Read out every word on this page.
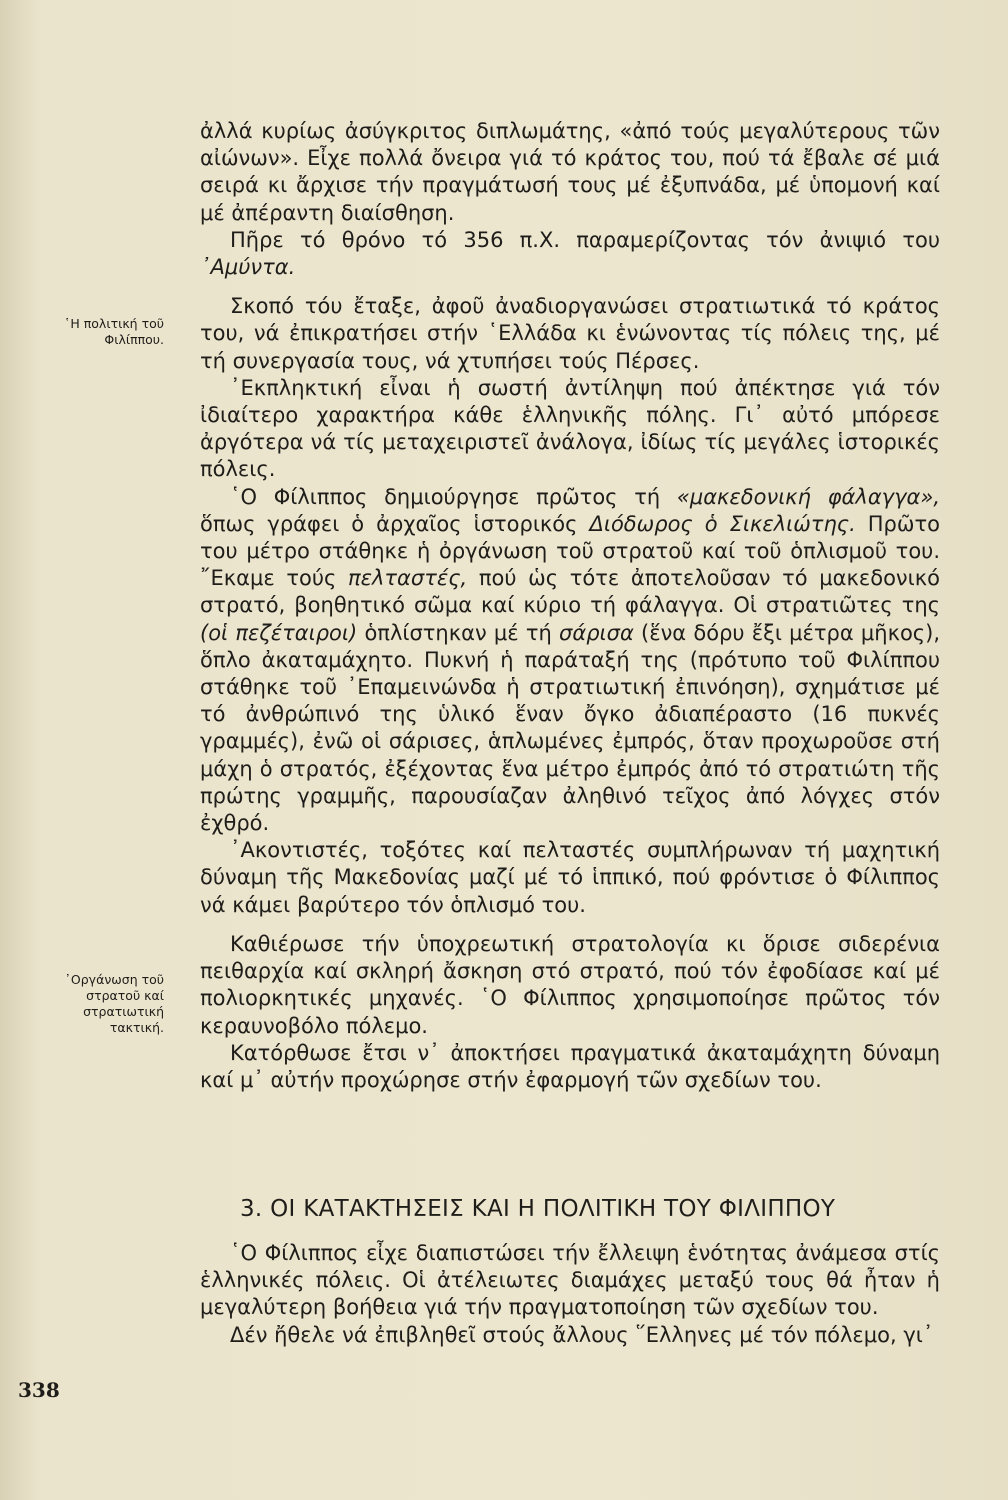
῾Η πολιτική τοῦ Φιλίππου.
᾿Οργάνωση τοῦ στρατοῦ καί στρατιωτική τακτική.

ἀλλά κυρίως ἀσύγκριτος διπλωμάτης, «ἀπό τούς μεγαλύτερους τῶν αἰώνων». Εἶχε πολλά ὄνειρα γιά τό κράτος του, πού τά ἔβαλε σέ μιά σειρά κι ἄρχισε τήν πραγμάτωσή τους μέ ἐξυπνάδα, μέ ὑπομονή καί μέ ἀπέραντη διαίσθηση.

Πῆρε τό θρόνο τό 356 π.Χ. παραμερίζοντας τόν ἀνιψιό του ᾿Αμύντα.

Σκοπό τόυ ἔταξε, ἀφοῦ ἀναδιοργανώσει στρατιωτικά τό κράτος του, νά ἐπικρατήσει στήν ῾Ελλάδα κι ἑνώνοντας τίς πόλεις της, μέ τή συνεργασία τους, νά χτυπήσει τούς Πέρσες.

᾿Εκπληκτική εἶναι ἡ σωστή ἀντίληψη πού ἀπέκτησε γιά τόν ἰδιαίτερο χαρακτήρα κάθε ἑλληνικῆς πόλης. Γι᾿ αὐτό μπόρεσε ἀργότερα νά τίς μεταχειριστεῖ ἀνάλογα, ἰδίως τίς μεγάλες ἱστορικές πόλεις.

῾Ο Φίλιππος δημιούργησε πρῶτος τή «μακεδονική φάλαγγα», ὅπως γράφει ὁ ἀρχαῖος ἱστορικός Διόδωρος ὁ Σικελιώτης. Πρῶτο του μέτρο στάθηκε ἡ ὀργάνωση τοῦ στρατοῦ καί τοῦ ὁπλισμοῦ του. ῎Εκαμε τούς πελταστές, πού ὡς τότε ἀποτελοῦσαν τό μακεδονικό στρατό, βοηθητικό σῶμα καί κύριο τή φάλαγγα. Οἱ στρατιῶτες της (οἱ πεζέταιροι) ὁπλίστηκαν μέ τή σάρισα (ἕνα δόρυ ἔξι μέτρα μῆκος), ὅπλο ἀκαταμάχητο. Πυκνή ἡ παράταξή της (πρότυπο τοῦ Φιλίππου στάθηκε τοῦ ᾿Επαμεινώνδα ἡ στρατιωτική ἐπινόηση), σχημάτισε μέ τό ἀνθρώπινό της ὑλικό ἕναν ὄγκο ἀδιαπέραστο (16 πυκνές γραμμές), ἐνῶ οἱ σάρισες, ἁπλωμένες ἐμπρός, ὅταν προχωροῦσε στή μάχη ὁ στρατός, ἐξέχοντας ἕνα μέτρο ἐμπρός ἀπό τό στρατιώτη τῆς πρώτης γραμμῆς, παρουσίαζαν ἀληθινό τεῖχος ἀπό λόγχες στόν ἐχθρό.

᾿Ακοντιστές, τοξότες καί πελταστές συμπλήρωναν τή μαχητική δύναμη τῆς Μακεδονίας μαζί μέ τό ἱππικό, πού φρόντισε ὁ Φίλιππος νά κάμει βαρύτερο τόν ὁπλισμό του.

Καθιέρωσε τήν ὑποχρεωτική στρατολογία κι ὅρισε σιδερένια πειθαρχία καί σκληρή ἄσκηση στό στρατό, πού τόν ἐφοδίασε καί μέ πολιορκητικές μηχανές. ῾Ο Φίλιππος χρησιμοποίησε πρῶτος τόν κεραυνοβόλο πόλεμο.

Κατόρθωσε ἔτσι ν᾿ ἀποκτήσει πραγματικά ἀκαταμάχητη δύναμη καί μ᾿ αὐτήν προχώρησε στήν ἐφαρμογή τῶν σχεδίων του.

3. ΟΙ ΚΑΤΑΚΤΗΣΕΙΣ ΚΑΙ Η ΠΟΛΙΤΙΚΗ ΤΟΥ ΦΙΛΙΠΠΟΥ

῾Ο Φίλιππος εἶχε διαπιστώσει τήν ἔλλειψη ἑνότητας ἀνάμεσα στίς ἑλληνικές πόλεις. Οἱ ἀτέλειωτες διαμάχες μεταξύ τους θά ἦταν ἡ μεγαλύτερη βοήθεια γιά τήν πραγματοποίηση τῶν σχεδίων του.

Δέν ἤθελε νά ἐπιβληθεῖ στούς ἄλλους ῞Ελληνες μέ τόν πόλεμο, γι᾿

338
